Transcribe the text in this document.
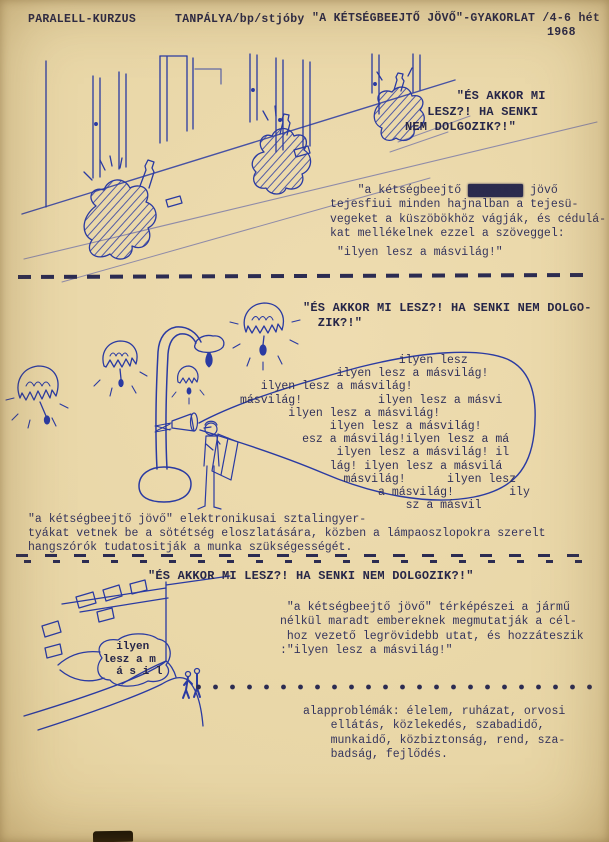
PARALELL-KURZUS	TANPÁLYA/bp/stjóby "A KÉTSÉGBEEJTŐ JÖVŐ"-GYAKORLAT /4-6 hét
1968
"ÉS AKKOR MI
LESZ?! HA SENKI
NEM DOLGOZIK?!"
"a kétségbeejtő xxxxxxxx jövő
tejesfiui minden hajnalban a tejesü-
vegeket a küszöbökhöz vágják, és cédulá-
kat mellékelnek ezzel a szöveggel:
"ilyen lesz a másvilág!"
"ÉS AKKOR MI LESZ?! HA SENKI NEM DOLGO-
ZIK?!"
ilyen lesz
ilyen lesz a másvilág!
ilyen lesz a másvilág!
másvilág!           ilyen lesz a másvi
ilyen lesz a másvilág!
ilyen lesz a másvilág!
esz a másvilág!ilyen lesz a má
ilyen lesz a másvilág! il
lág! ilyen lesz a másvilá
másvilág!      ilyen lesz
a másvilág!        ily
sz a másvil
"a kétségbeejtő jövő" elektronikusai sztalingyer-
tyákat vetnek be a sötétség eloszlatására, közben a lámpaoszlopokra szerelt
hangszórók tudatositják a munka szükségességét.
"ÉS AKKOR MI LESZ?! HA SENKI NEM DOLGOZIK?!"
"a kétségbeejtő jövő" térképészei a jármű
nélkül maradt embereknek megmutatják a cél-
hoz vezető legrövidebb utat, és hozzáteszik
:"ilyen lesz a másvilág!"
ilyen
lesz a m
á s i l
alapproblémák: élelem, ruházat, orvosi
ellátás, közlekedés, szabadidő,
munkaidő, közbiztonság, rend, sza-
badság, fejlődés.
